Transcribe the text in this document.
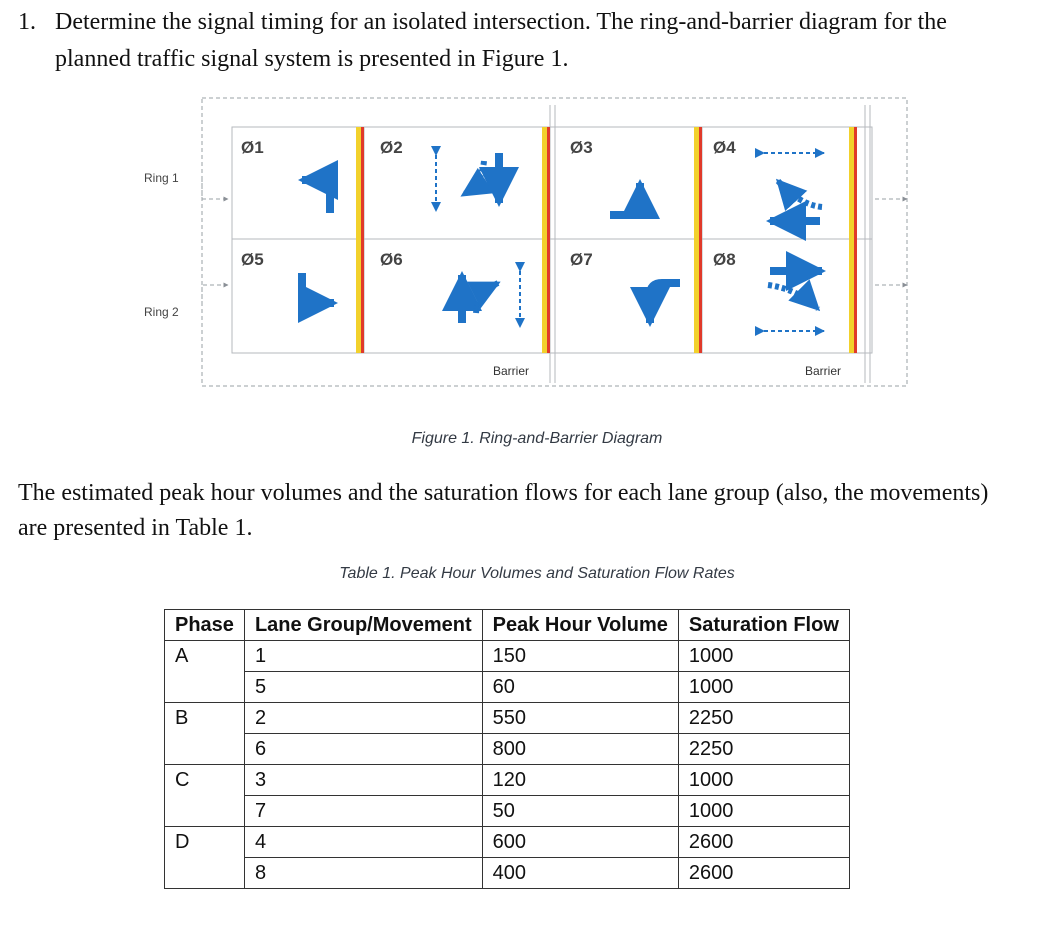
1. Determine the signal timing for an isolated intersection. The ring-and-barrier diagram for the
planned traffic signal system is presented in Figure 1.
Ring 1
Ring 2
Ø1	Ø2	Ø3	Ø4
Ø5	Ø6	Ø7	Ø8
Barrier	Barrier
Figure 1. Ring-and-Barrier Diagram
The estimated peak hour volumes and the saturation flows for each lane group (also, the movements) are presented in Table 1.
Table 1. Peak Hour Volumes and Saturation Flow Rates
Phase	Lane Group/Movement	Peak Hour Volume	Saturation Flow
A	1	150	1000
	5	60	1000
B	2	550	2250
	6	800	2250
C	3	120	1000
	7	50	1000
D	4	600	2600
	8	400	2600
